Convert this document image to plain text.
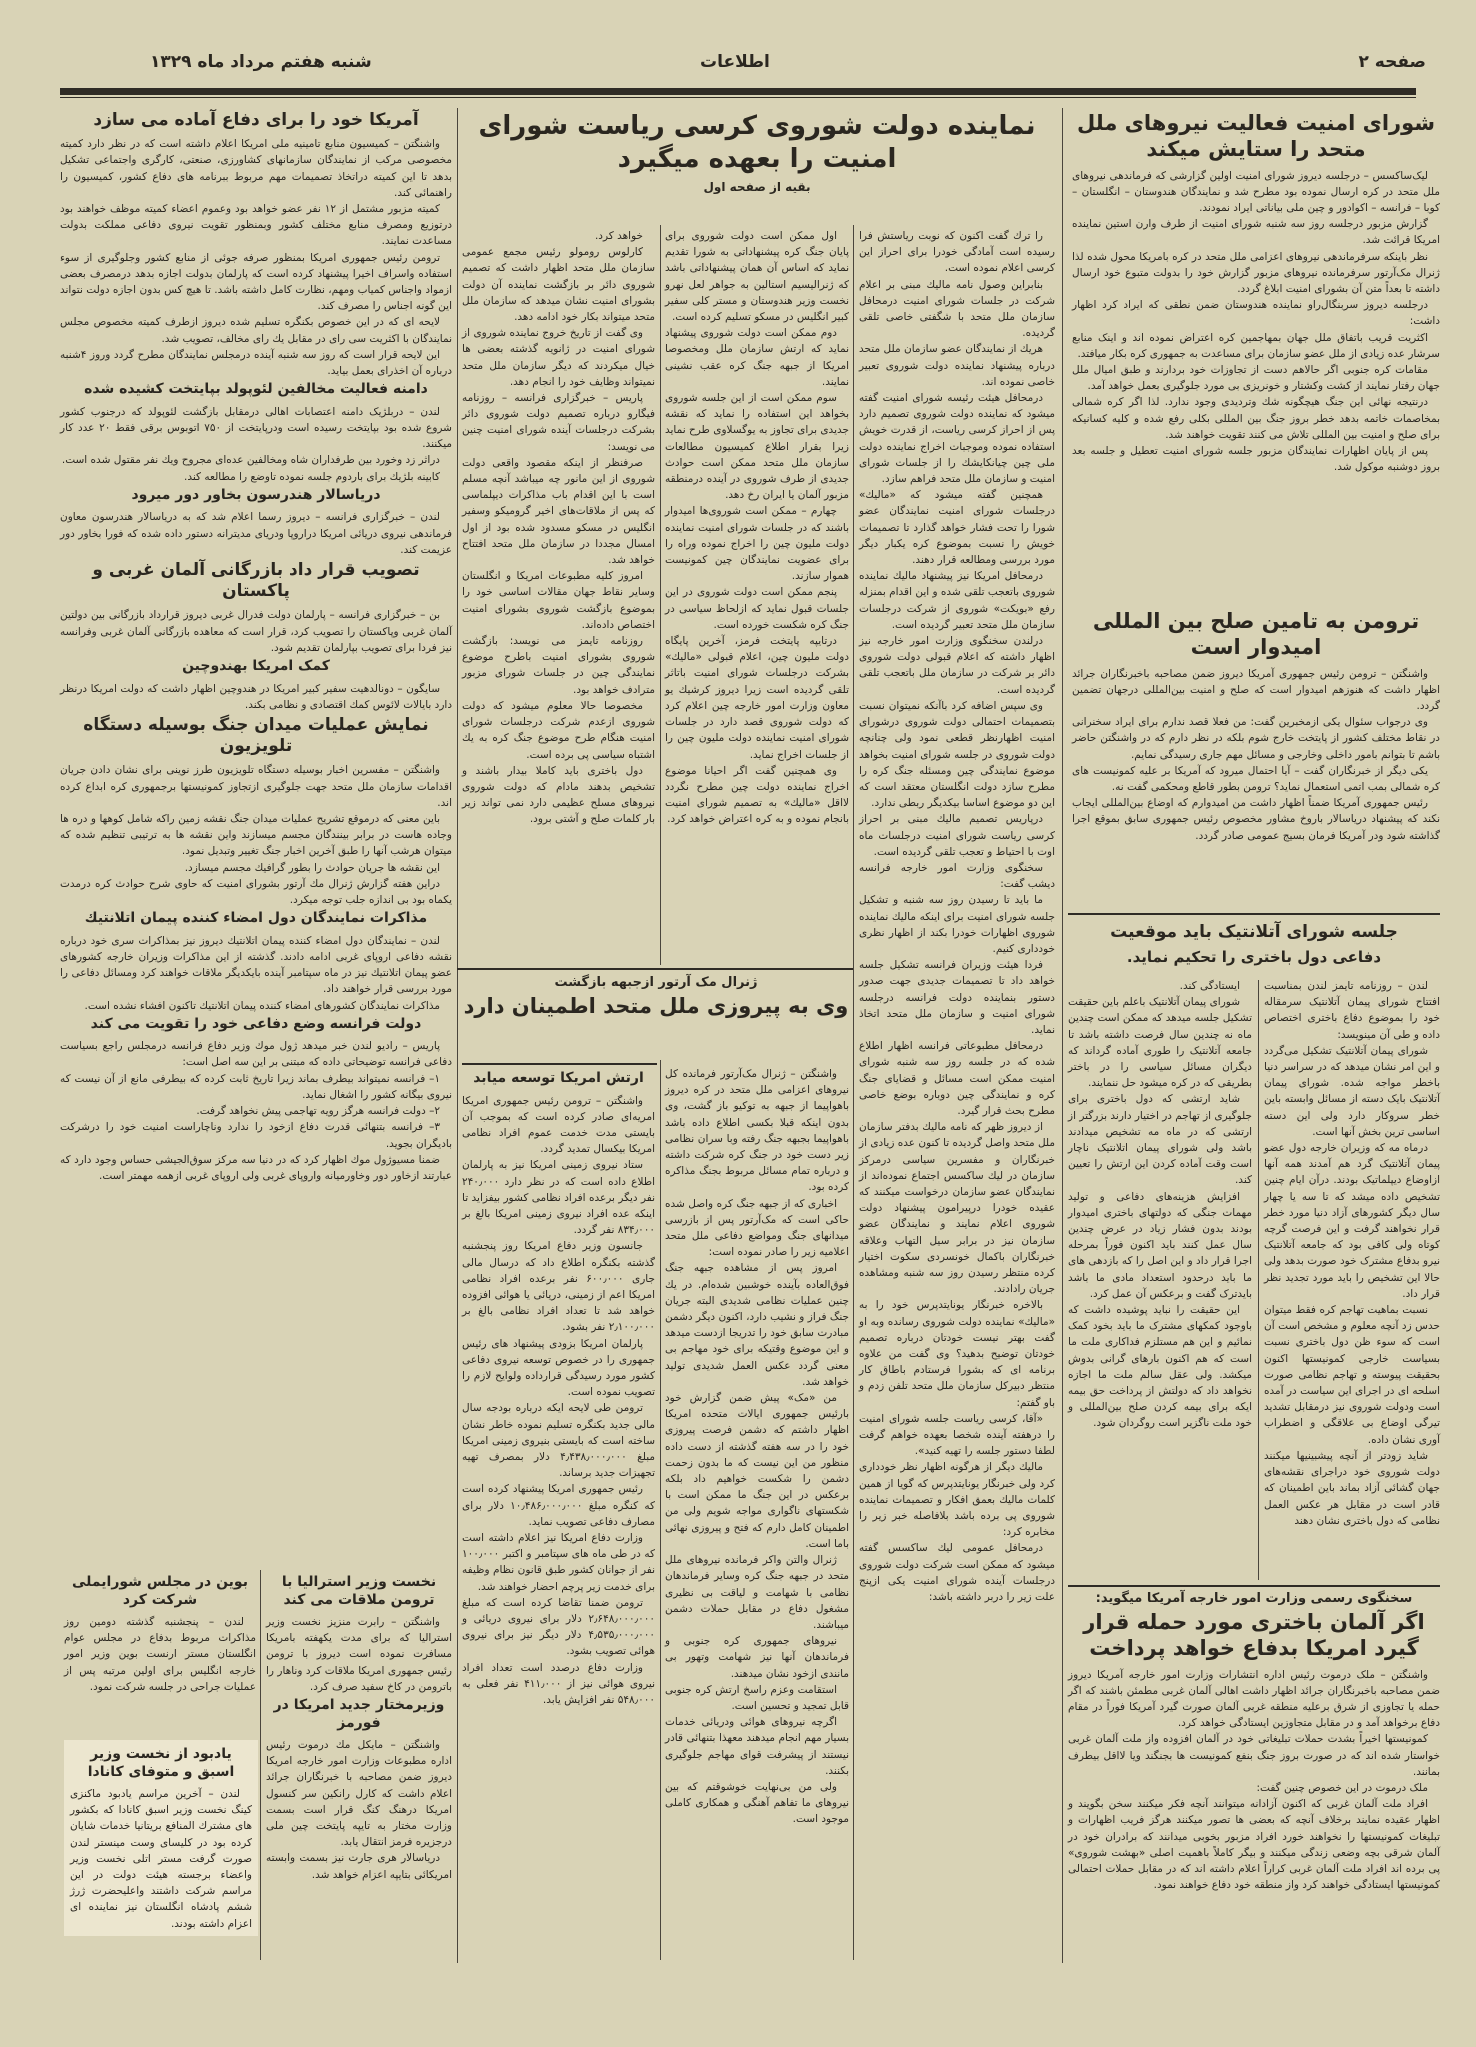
صفحه ۲
اطلاعات
شنبه هفتم مرداد ماه ۱۳۲۹
شورای امنیت فعالیت نیروهای ملل متحد را ستایش میکند

لیک‌ساکسس – درجلسه دیروز شورای امنیت اولین گزارشی که فرماندهی نیروهای ملل متحد در کره ارسال نموده بود مطرح شد و نمایندگان هندوستان – انگلستان – کوبا – فرانسه – اکوادور و چین ملی بیاناتی ایراد نمودند.

گزارش مزبور درجلسه روز سه شنبه شورای امنیت از طرف وارن استین نماینده امریکا قرائت شد.

نظر باینکه سرفرماندهی نیروهای اعزامی ملل متحد در کره بامریکا محول شده لذا ژنرال مک‌آرتور سرفرمانده نیروهای مزبور گزارش خود را بدولت متبوع خود ارسال داشته تا بعداً متن آن بشورای امنیت ابلاغ گردد.

درجلسه دیروز سربنگال‌راو نماینده هندوستان ضمن نطقی که ایراد کرد اظهار داشت:

اکثریت قریب باتفاق ملل جهان بمهاجمین کره اعتراض نموده اند و اینک منابع سرشار عده زیادی از ملل عضو سازمان برای مساعدت به جمهوری کره بکار میافتد.

مقامات کره جنوبی اگر حالاهم دست از تجاوزات خود بردارند و طبق امیال ملل جهان رفتار نمایند از کشت وکشتار و خونریزی بی مورد جلوگیری بعمل خواهد آمد.

درنتیجه نهائی این جنگ هیچگونه شك وتردیدی وجود ندارد. لذا اگر کره شمالی بمخاصمات خاتمه بدهد خطر بروز جنگ بین المللی بکلی رفع شده و کلیه کسانیکه برای صلح و امنیت بین المللی تلاش می کنند تقویت خواهند شد.

پس از پایان اظهارات نمایندگان مزبور جلسه شورای امنیت تعطیل و جلسه بعد بروز دوشنبه موکول شد.

ترومن به تامین صلح بین المللی امیدوار است

واشنگتن – ترومن رئیس جمهوری آمریکا دیروز ضمن مصاحبه باخبرنگاران جرائد اظهار داشت که هنوزهم امیدوار است که صلح و امنیت بین‌المللی درجهان تضمین گردد.

وی درجواب سئوال یکی ازمخبرین گفت: من فعلا قصد ندارم برای ایراد سخنرانی در نقاط مختلف کشور از پایتخت خارج شوم بلکه در نظر دارم که در واشنگتن حاضر باشم تا بتوانم بامور داخلی وخارجی و مسائل مهم جاری رسیدگی نمایم.

یکی دیگر از خبرنگاران گفت – آیا احتمال میرود که آمریکا بر علیه کمونیست های کره شمالی بمب اتمی استعمال نماید؟ ترومن بطور قاطع ومحکمی گفت نه.

رئیس جمهوری آمریکا ضمناً اظهار داشت من امیدوارم که اوضاع بین‌المللی ایجاب نکند که پیشنهاد دریاسالار باروخ مشاور مخصوص رئیس جمهوری سابق بموقع اجرا گذاشته شود ودر آمریکا فرمان بسیج عمومی صادر گردد.

جلسه شورای آتلانتیک باید موقعیت
دفاعی دول باختری را تحکیم نماید.

لندن – روزنامه تایمز لندن بمناسبت افتتاح شورای پیمان آتلانتیک سرمقاله خود را بموضوع دفاع باختری اختصاص داده و طی آن مینویسد:

شورای پیمان آتلانتیک تشکیل می‌گردد و این امر نشان میدهد که در سراسر دنیا باخطر مواجه شده. شورای پیمان آتلانتیک بایک دسته از مسائل وابسته باین خطر سروکار دارد ولی این دسته اساسی ترین بخش آنها است.

درماه مه که وزیران خارجه دول عضو پیمان آتلانتیک گرد هم آمدند همه آنها ازاوضاع دیپلماتیک بودند. درآن ایام چنین تشخیص داده میشد که تا سه یا چهار سال دیگر کشورهای آزاد دنیا مورد خطر قرار نخواهند گرفت و این فرصت گرچه کوتاه ولی کافی بود که جامعه آتلانتیک نیرو بدفاع مشترک خود صورت بدهد ولی حالا این تشخیص را باید مورد تجدید نظر قرار داد.

نسبت بماهیت تهاجم کره فقط میتوان حدس زد آنچه معلوم و مشخص است آن است که سوء ظن دول باختری نسبت بسیاست خارجی کمونیستها اکنون بحقیقت پیوسته و تهاجم نظامی صورت اسلحه ای در اجرای این سیاست در آمده است ودولت شوروی نیز درمقابل تشدید تیرگی اوضاع بی علاقگی و اضطراب آوری نشان داده.

شاید زودتر از آنچه پیشبینیها میکنند دولت شوروی خود دراجرای نقشه‌های جهان گشائی آزاد بماند باین اطمینان که قادر است در مقابل هر عکس العمل نظامی که دول باختری نشان دهند

ایستادگی کند.

شورای پیمان آتلانتیک باعلم باین حقیقت تشکیل جلسه میدهد که ممکن است چندین ماه نه چندین سال فرصت داشته باشد تا جامعه آتلانتیک را طوری آماده گرداند که دیگران مسائل سیاسی را در باختر بطریقی که در کره میشود حل ننمایند.

شاید ارتشی که دول باختری برای جلوگیری از تهاجم در اختیار دارند بزرگتر از ارتشی که در ماه مه تشخیص میدادند باشد ولی شورای پیمان اتلانتیک ناچار است وقت آماده کردن این ارتش را تعیین کند.

افزایش هزینه‌های دفاعی و تولید مهمات جنگی که دولتهای باختری امیدوار بودند بدون فشار زیاد در عرض چندین سال عمل کنند باید اکنون فوراً بمرحله اجرا قرار داد و این اصل را که بازدهی های ما باید درحدود استعداد مادی ما باشد بایدترک گفت و برعکس آن عمل کرد.

این حقیقت را نباید پوشیده داشت که باوجود کمکهای مشترک ما باید بخود کمک نمائیم و این هم مستلزم فداکاری ملت ما است که هم اکنون بارهای گرانی بدوش میکشد. ولی عقل سالم ملت ما اجازه نخواهد داد که دولتش از پرداخت حق بیمه ایکه برای بیمه کردن صلح بین‌المللی و خود ملت ناگزیر است روگردان شود.

سخنگوی رسمی وزارت امور خارجه آمریکا میگوید:
اگر آلمان باختری مورد حمله قرار گیرد امریکا بدفاع خواهد پرداخت

واشنگتن – ملک درموت رئیس اداره انتشارات وزارت امور خارجه آمریکا دیروز ضمن مصاحبه باخبرنگاران جرائد اظهار داشت اهالی آلمان غربی مطمئن باشند که اگر حمله یا تجاوزی از شرق برعلیه منطقه غربی آلمان صورت گیرد آمریکا فوراً در مقام دفاع برخواهد آمد و در مقابل متجاوزین ایستادگی خواهد کرد.

کمونیستها اخیراً بشدت حملات تبلیغاتی خود در آلمان افزوده واز ملت آلمان غربی خواستار شده اند که در صورت بروز جنگ بنفع کمونیست ها بجنگند ویا لااقل بیطرف بمانند.

ملک درموت در این خصوص چنین گفت:

افراد ملت آلمان غربی که اکنون آزادانه میتوانند آنچه فکر میکنند سخن بگویند و اظهار عقیده نمایند برخلاف آنچه که بعضی ها تصور میکنند هرگز فریب اظهارات و تبلیغات کمونیستها را نخواهند خورد افراد مزبور بخوبی میدانند که برادران خود در آلمان شرقی بچه وضعی زندگی میکنند و بیگر کاملاً باهمیت اصلی «بهشت شوروی» پی برده اند افراد ملت آلمان غربی کراراً اعلام داشته اند که در مقابل حملات احتمالی کمونیستها ایستادگی خواهند کرد واز منطقه خود دفاع خواهند نمود.

نماینده دولت شوروی کرسی ریاست شورای امنیت را بعهده میگیرد
بقیه از صفحه اول

را ترك گفت اکنون که نوبت ریاستش فرا رسیده است آمادگی خودرا برای احراز این کرسی اعلام نموده است.

بنابراین وصول نامه مالیك مبنی بر اعلام شرکت در جلسات شورای امنیت درمحافل سازمان ملل متحد با شگفتی خاصی تلقی گردیده.

هریك از نمایندگان عضو سازمان ملل متحد درباره پیشنهاد نماینده دولت شوروی تعبیر خاصی نموده اند.

درمحافل هیئت رئیسه شورای امنیت گفته میشود که نماینده دولت شوروی تصمیم دارد پس از احراز کرسی ریاست، از قدرت خویش استفاده نموده وموجبات اخراج نماینده دولت ملی چین چیانکایشك را از جلسات شورای امنیت و سازمان ملل متحد فراهم سازد.

همچنین گفته میشود که «مالیك» درجلسات شورای امنیت نمایندگان عضو شورا را تحت فشار خواهد گذارد تا تصمیمات خویش را نسبت بموضوع کره یکبار دیگر مورد بررسی ومطالعه قرار دهند.

درمحافل امریکا نیز پیشنهاد مالیك نماینده شوروی باتعجب تلقی شده و این اقدام بمنزله رفع «بویکت» شوروی از شرکت درجلسات سازمان ملل متحد تعبیر گردیده است.

درلندن سخنگوی وزارت امور خارجه نیز اظهار داشته که اعلام قبولی دولت شوروی دائر بر شرکت در سازمان ملل باتعجب تلقی گردیده است.

وی سپس اضافه کرد باآنکه نمیتوان نسبت بتصمیمات احتمالی دولت شوروی درشورای امنیت اظهارنظر قطعی نمود ولی چنانچه دولت شوروی در جلسه شورای امنیت بخواهد موضوع نمایندگی چین ومسئله جنگ کره را مطرح سازد دولت انگلستان معتقد است که این دو موضوع اساسا بیکدیگر ربطی ندارد.

درپاریس تصمیم مالیك مبنی بر احراز کرسی ریاست شورای امنیت درجلسات ماه اوت با احتیاط و تعجب تلقی گردیده است.

سخنگوی وزارت امور خارجه فرانسه دیشب گفت:

ما باید تا رسیدن روز سه شنبه و تشکیل جلسه شورای امنیت برای اینکه مالیك نماینده شوروی اظهارات خودرا بکند از اظهار نظری خودداری کنیم.

فردا هیئت وزیران فرانسه تشکیل جلسه خواهد داد تا تصمیمات جدیدی جهت صدور دستور بنماینده دولت فرانسه درجلسه شورای امنیت و سازمان ملل متحد اتخاذ نماید.

درمحافل مطبوعاتی فرانسه اظهار اطلاع شده که در جلسه روز سه شنبه شورای امنیت ممکن است مسائل و قضایای جنگ کره و نمایندگی چین دوباره بوضع خاصی مطرح بحث قرار گیرد.

از دیروز ظهر که نامه مالیك بدفتر سازمان ملل متحد واصل گردیده تا کنون عده زیادی از خبرنگاران و مفسرین سیاسی درمرکز سازمان در لیك ساکسس اجتماع نموده‌اند از نمایندگان عضو سازمان درخواست میکنند که عقیده خودرا درپیرامون پیشنهاد دولت شوروی اعلام نمایند و نمایندگان عضو سازمان نیز در برابر سیل التهاب وعلاقه خبرنگاران باکمال خونسردی سکوت اختیار کرده منتظر رسیدن روز سه شنبه ومشاهده جریان رادادند.

بالاخره خبرنگار یونایتدپرس خود را به «مالیك» نماینده دولت شوروی رسانده وبه او گفت بهتر نیست خودتان درباره تصمیم خودتان توضیح بدهید؟ وی گفت من علاوه برنامه ای که بشورا فرستادم باطاق کار منتظر دبیرکل سازمان ملل متحد تلفن زدم و باو گفتم:

«آقا، کرسی ریاست جلسه شورای امنیت را درهفته آینده شخصا بعهده خواهم گرفت لطفا دستور جلسه را تهیه کنید».

مالیك دیگر از هرگونه اظهار نظر خودداری کرد ولی خبرنگار یونایتدپرس که گویا از همین کلمات مالیك بعمق افکار و تصمیمات نماینده شوروی پی برده باشد بلافاصله خبر زیر را مخابره کرد:

درمحافل عمومی لیك ساکسس گفته میشود که ممکن است شرکت دولت شوروی درجلسات آینده شورای امنیت یکی ازپنج علت زیر را دربر داشته باشد:

اول ممکن است دولت شوروی برای پایان جنگ کره پیشنهاداتی به شورا تقدیم نماید که اساس آن همان پیشنهاداتی باشد که ژنرالیسیم استالین به جواهر لعل نهرو نخست وزیر هندوستان و مستر کلی سفیر کبیر انگلیس در مسکو تسلیم کرده است.

دوم ممکن است دولت شوروی پیشنهاد نماید که ارتش سازمان ملل ومخصوصا امریکا از جبهه جنگ کره عقب نشینی نمایند.

سوم ممکن است از این جلسه شوروی بخواهد این استفاده را نماید که نقشه جدیدی برای تجاوز به یوگسلاوی طرح نماید زیرا بقرار اطلاع کمیسیون مطالعات سازمان ملل متحد ممکن است حوادث جدیدی از طرف شوروی در آینده درمنطقه مزبور آلمان یا ایران رخ دهد.

چهارم – ممکن است شوروی‌ها امیدوار باشند که در جلسات شورای امنیت نماینده دولت ملیون چین را اخراج نموده وراه را برای عضویت نمایندگان چین کمونیست هموار سازند.

پنجم ممکن است دولت شوروی در این جلسات قبول نماید که ازلحاظ سیاسی در جنگ کره شکست خورده است.

درتایپه پایتخت فرمز، آخرین پایگاه دولت ملیون چین، اعلام قبولی «مالیك» بشرکت درجلسات شورای امنیت باتاثر تلقی گردیده است زیرا دیروز کرشیك یو معاون وزارت امور خارجه چین اعلام کرد که دولت شوروی قصد دارد در جلسات شورای امنیت نماینده دولت ملیون چین را از جلسات اخراج نماید.

وی همچنین گفت اگر احیانا موضوع اخراج نماینده دولت چین مطرح نگردد لااقل «مالیك» به تصمیم شورای امنیت بانجام نموده و به کره اعتراض خواهد کرد.

خواهد کرد.

کارلوس رومولو رئیس مجمع عمومی سازمان ملل متحد اظهار داشت که تصمیم شوروی دائر بر بازگشت نماینده آن دولت بشورای امنیت نشان میدهد که سازمان ملل متحد میتواند بکار خود ادامه دهد.

وی گفت از تاریخ خروج نماینده شوروی از شورای امنیت در ژانویه گذشته بعضی ها خیال میکردند که دیگر سازمان ملل متحد نمیتواند وظایف خود را انجام دهد.

پاریس – خبرگزاری فرانسه – روزنامه فیگارو درباره تصمیم دولت شوروی دائر بشرکت درجلسات آینده شورای امنیت چنین می نویسد:

صرفنظر از اینکه مقصود واقعی دولت شوروی از این مانور چه میباشد آنچه مسلم است با این اقدام باب مذاکرات دیپلماسی که پس از ملاقات‌های اخیر گرومیکو وسفیر انگلیس در مسکو مسدود شده بود از اول امسال مجددا در سازمان ملل متحد افتتاح خواهد شد.

امروز کلیه مطبوعات امریکا و انگلستان وسایر نقاط جهان مقالات اساسی خود را بموضوع بازگشت شوروی بشورای امنیت اختصاص داده‌اند.

روزنامه تایمز می نویسد: بازگشت شوروی بشورای امنیت باطرح موضوع نمایندگی چین در جلسات شورای مزبور مترادف خواهد بود.

مخصوصا حالا معلوم میشود که دولت شوروی ازعدم شرکت درجلسات شورای امنیت هنگام طرح موضوع جنگ کره به یك اشتباه سیاسی پی برده است.

دول باختری باید کاملا بیدار باشند و تشخیص بدهند مادام که دولت شوروی نیروهای مسلح عظیمی دارد نمی تواند زیر بار کلمات صلح و آشتی برود.

ژنرال مک آرتور ازجبهه بازگشت
وی به پیروزی ملل متحد اطمینان دارد

واشنگتن – ژنرال مک‌آرتور فرمانده کل نیروهای اعزامی ملل متحد در کره دیروز باهواپیما از جبهه به توکیو باز گشت، وی بدون اینکه قبلا بکسی اطلاع داده باشد باهواپیما بجبهه جنگ رفته وبا سران نظامی زیر دست خود در جنگ کره شرکت داشته و درباره تمام مسائل مربوط بجنگ مذاکره کرده بود.

اخباری که از جبهه جنگ کره واصل شده حاکی است که مک‌آرتور پس از بازرسی میدانهای جنگ ومواضع دفاعی ملل متحد اعلامیه زیر را صادر نموده است:

امروز پس از مشاهده جبهه جنگ فوق‌العاده بآینده خوشبین شده‌ام. در یك چنین عملیات نظامی شدیدی البته جریان جنگ فراز و نشیب دارد، اکنون دیگر دشمن مبادرت سابق خود را تدریجا ازدست میدهد و این موضوع وقتیکه برای خود مهاجم بی معنی گردد عکس العمل شدیدی تولید خواهد شد.

من «مک» پیش ضمن گزارش خود بارئیس جمهوری ایالات متحده امریکا اظهار داشتم که دشمن فرصت پیروزی خود را در سه هفته گذشته از دست داده منظور من این نیست که ما بدون زحمت دشمن را شکست خواهیم داد بلکه برعکس در این جنگ ما ممکن است با شکستهای ناگواری مواجه شویم ولی من اطمینان کامل دارم که فتح و پیروزی نهائی باما است.

ژنرال والتن واکر فرمانده نیروهای ملل متحد در جبهه جنگ کره وسایر فرماندهان نظامی با شهامت و لیاقت بی نظیری مشغول دفاع در مقابل حملات دشمن میباشند.

نیروهای جمهوری کره جنوبی و فرماندهان آنها نیز شهامت وتهور بی مانندی ازخود نشان میدهند.

استقامت وعزم راسخ ارتش کره جنوبی قابل تمجید و تحسین است.

اگرچه نیروهای هوائی ودریائی خدمات بسیار مهم انجام میدهند معهذا بتنهائی قادر نیستند از پیشرفت قوای مهاجم جلوگیری بکنند.

ولی من بی‌نهایت خوشوقتم که بین نیروهای ما تفاهم آهنگی و همکاری کاملی موجود است.

ارتش امریکا توسعه میابد

واشنگتن – ترومن رئیس جمهوری امریکا امریه‌ای صادر کرده است که بموجب آن بایستی مدت خدمت عموم افراد نظامی امریکا بیکسال تمدید گردد.

ستاد نیروی زمینی امریکا نیز به پارلمان اطلاع داده است که در نظر دارد ۲۴۰٫۰۰۰ نفر دیگر برعده افراد نظامی کشور بیفزاید تا اینکه عده افراد نیروی زمینی امریکا بالغ بر ۸۳۴٫۰۰۰ نفر گردد.

جانسون وزیر دفاع امریکا روز پنجشنبه گذشته بکنگره اطلاع داد که درسال مالی جاری ۶۰۰٫۰۰۰ نفر برعده افراد نظامی امریکا اعم از زمینی، دریائی یا هوائی افزوده خواهد شد تا تعداد افراد نظامی بالغ بر ۲٫۱۰۰٫۰۰۰ نفر بشود.

پارلمان امریکا بزودی پیشنهاد های رئیس جمهوری را در خصوص توسعه نیروی دفاعی کشور مورد رسیدگی قرارداده ولوایح لازم را تصویب نموده است.

ترومن طی لایحه ایکه درباره بودجه سال مالی جدید بکنگره تسلیم نموده خاطر نشان ساخته است که بایستی بنیروی زمینی امریکا مبلغ ۴٫۴۳۸٫۰۰۰٫۰۰۰ دلار بمصرف تهیه تجهیزات جدید برساند.

رئیس جمهوری امریکا پیشنهاد کرده است که کنگره مبلغ ۱۰٫۴۸۶٫۰۰۰٫۰۰۰ دلار برای مصارف دفاعی تصویب نماید.

وزارت دفاع امریکا نیز اعلام داشته است که در طی ماه های سپتامبر و اکتبر ۱۰۰٫۰۰۰ نفر از جوانان کشور طبق قانون نظام وظیفه برای خدمت زیر پرچم احضار خواهند شد.

ترومن ضمنا تقاضا کرده است که مبلغ ۲٫۶۴۸٫۰۰۰٫۰۰۰ دلار برای نیروی دریائی و ۴٫۵۳۵٫۰۰۰٫۰۰۰ دلار دیگر نیز برای نیروی هوائی تصویب بشود.

وزارت دفاع درصدد است تعداد افراد نیروی هوائی نیز از ۴۱۱٫۰۰۰ نفر فعلی به ۵۴۸٫۰۰۰ نفر افزایش یابد.

آمریکا خود را برای دفاع آماده می سازد

واشنگتن – کمیسیون منابع تامینیه ملی امریکا اعلام داشته است که در نظر دارد کمیته مخصوصی مرکب از نمایندگان سازمانهای کشاورزی، صنعتی، کارگری واجتماعی تشکیل بدهد تا این کمیته دراتخاذ تصمیمات مهم مربوط ببرنامه های دفاع کشور، کمیسیون را راهنمائی کند.

کمیته مزبور مشتمل از ۱۲ نفر عضو خواهد بود وعموم اعضاء کمیته موظف خواهند بود درتوزیع ومصرف منابع مختلف کشور وبمنظور تقویت نیروی دفاعی مملکت بدولت مساعدت نمایند.

ترومن رئیس جمهوری امریکا بمنظور صرفه جوئی از منابع کشور وجلوگیری از سوء استفاده واسراف اخیرا پیشنهاد کرده است که پارلمان بدولت اجازه بدهد درمصرف بعضی ازمواد واجناس کمیاب ومهم، نظارت کامل داشته باشد. تا هیچ کس بدون اجازه دولت نتواند این گونه اجناس را مصرف کند.

لایحه ای که در این خصوص بکنگره تسلیم شده دیروز ازطرف کمیته مخصوص مجلس نمایندگان با اکثریت سی رای در مقابل یك رای مخالف، تصویب شد.

این لایحه قرار است که روز سه شنبه آینده درمجلس نمایندگان مطرح گردد وروز ۴شنبه درباره آن اخذرای بعمل بیاید.

دامنه فعالیت مخالفین لئوپولد بپایتخت کشیده شده

لندن – دربلژیک دامنه اعتصابات اهالی درمقابل بازگشت لئوپولد که درجنوب کشور شروع شده بود بپایتخت رسیده است ودرپایتخت از ۷۵۰ اتوبوس برقی فقط ۲۰ عدد کار میکنند.

دراثر زد وخورد بین طرفداران شاه ومخالفین عده‌ای مجروح ویك نفر مقتول شده است.

کابینه بلژیك برای باردوم جلسه نموده تاوضع را مطالعه کند.

دریاسالار هندرسون بخاور دور میرود

لندن – خبرگزاری فرانسه – دیروز رسما اعلام شد که به دریاسالار هندرسون معاون فرماندهی نیروی دریائی امریکا دراروپا ودریای مدیترانه دستور داده شده که فورا بخاور دور عزیمت کند.

تصویب قرار داد بازرگانی آلمان غربی و پاکستان

بن – خبرگزاری فرانسه – پارلمان دولت فدرال غربی دیروز قرارداد بازرگانی بین دولتین آلمان غربی وپاکستان را تصویب کرد، قرار است که معاهده بازرگانی آلمان غربی وفرانسه نیز فردا برای تصویب بپارلمان تقدیم شود.

کمک امریکا بهندوچین

سایگون – دونالدهیت سفیر کبیر امریکا در هندوچین اظهار داشت که دولت امریکا درنظر دارد بایالات لائوس کمك اقتصادی و نظامی بکند.

نمایش عملیات میدان جنگ بوسیله دستگاه تلویزیون

واشنگتن – مفسرین اخبار بوسیله دستگاه تلویزیون طرز نوینی برای نشان دادن جریان اقدامات سازمان ملل متحد جهت جلوگیری ازتجاوز کمونیستها برجمهوری کره ابداع کرده اند.

باین معنی که درموقع تشریح عملیات میدان جنگ نقشه زمین راکه شامل کوهها و دره ها وجاده هاست در برابر بینندگان مجسم میسازند واین نقشه ها به ترتیبی تنظیم شده که میتوان هرشب آنها را طبق آخرین اخبار جنگ تغییر وتبدیل نمود.

این نقشه ها جریان حوادث را بطور گرافیك مجسم میسازد.

دراین هفته گزارش ژنرال مك آرتور بشورای امنیت که حاوی شرح حوادث کره درمدت یکماه بود بی اندازه جلب توجه میکرد.

مذاکرات نمایندگان دول امضاء کننده پیمان اتلانتیك

لندن – نمایندگان دول امضاء کننده پیمان اتلانتیك دیروز نیز بمذاکرات سری خود درباره نقشه دفاعی اروپای غربی ادامه دادند. گذشته از این مذاکرات وزیران خارجه کشورهای عضو پیمان اتلانتیك نیز در ماه سپتامبر آینده بایکدیگر ملاقات خواهند کرد ومسائل دفاعی را مورد بررسی قرار خواهند داد.

مذاکرات نمایندگان کشورهای امضاء کننده پیمان اتلانتیك تاکنون افشاء نشده است.

دولت فرانسه وضع دفاعی خود را تقویت می کند

پاریس – رادیو لندن خبر میدهد ژول موك وزیر دفاع فرانسه درمجلس راجع بسیاست دفاعی فرانسه توضیحاتی داده که مبتنی بر این سه اصل است:

۱– فرانسه نمیتواند بیطرف بماند زیرا تاریخ ثابت کرده که بیطرفی مانع از آن نیست که نیروی بیگانه کشور را اشغال نماید.

۲– دولت فرانسه هرگز رویه تهاجمی پیش نخواهد گرفت.

۳– فرانسه بتنهائی قدرت دفاع ازخود را ندارد وناچاراست امنیت خود را درشرکت بادیگران بجوید.

ضمنا مسیوژول موك اظهار کرد که در دنیا سه مرکز سوق‌الجیشی حساس وجود دارد که عبارتند ازخاور دور وخاورمیانه واروپای غربی ولی اروپای غربی ازهمه مهمتر است.

نخست وزیر استرالیا با ترومن ملاقات می کند

واشنگتن – رابرت منزیز نخست وزیر استرالیا که برای مدت یکهفته بامریکا مسافرت نموده است دیروز با ترومن رئیس جمهوری امریکا ملاقات کرد وناهار را باترومن در کاخ سفید صرف کرد.

وزیرمختار جدید امریکا در فورمز

واشنگتن – مایکل مك درموت رئیس اداره مطبوعات وزارت امور خارجه امریکا دیروز ضمن مصاحبه با خبرنگاران جرائد اعلام داشت که کارل رانکین سر کنسول امریکا درهنگ کنگ قرار است بسمت وزارت مختار به تایپه پایتخت چین ملی درجزیره فرمز انتقال یابد.

دریاسالار هری جارت نیز بسمت وابسته امریکائی بتایپه اعزام خواهد شد.

بوین در مجلس شورایملی شرکت کرد

لندن – پنجشنبه گذشته دومین روز مذاکرات مربوط بدفاع در مجلس عوام انگلستان مستر ارنست بوین وزیر امور خارجه انگلیس برای اولین مرتبه پس از عملیات جراحی در جلسه شرکت نمود.

یادبود از نخست وزیر اسبق و متوفای کانادا

لندن – آخرین مراسم یادبود ماکنزی کینگ نخست وزیر اسبق کانادا که بکشور های مشترك المنافع بریتانیا خدمات شایان کرده بود در کلیسای وست مینستر لندن صورت گرفت مستر اتلی نخست وزیر واعضاء برجسته هیئت دولت در این مراسم شرکت داشتند واعلیحضرت ژرژ ششم پادشاه انگلستان نیز نماینده ای اعزام داشته بودند.
